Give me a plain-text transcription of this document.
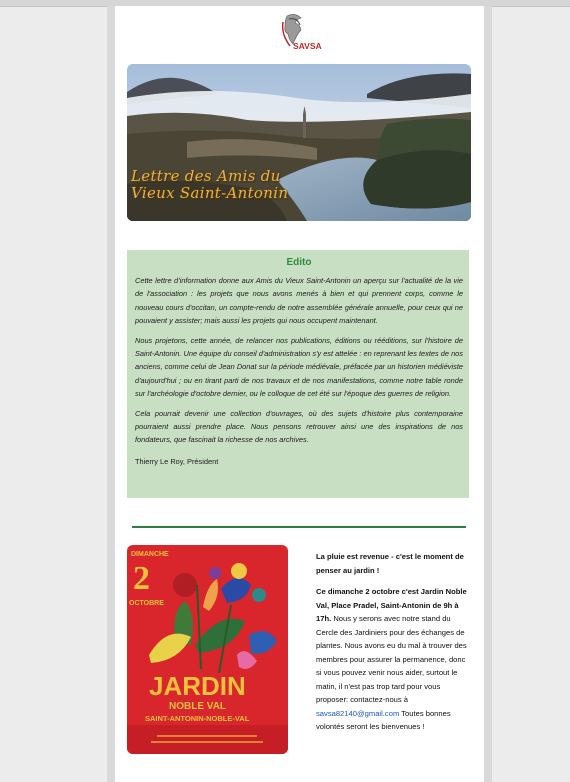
SAVSA
Lettre des Amis du
Vieux Saint-Antonin
Edito

Cette lettre d'information donne aux Amis du Vieux Saint-Antonin un aperçu sur l'actualité de la vie de l'association : les projets que nous avons menés à bien et qui prennent corps, comme le nouveau cours d'occitan, un compte-rendu de notre assemblée générale annuelle, pour ceux qui ne pouvaient y assister; mais aussi les projets qui nous occupent maintenant.

Nous projetons, cette année, de relancer nos publications, éditions ou rééditions, sur l'histoire de Saint-Antonin. Une équipe du conseil d'administration s'y est attelée : en reprenant les textes de nos anciens, comme celui de Jean Donat sur la période médiévale, préfacée par un historien médiéviste d'aujourd'hui ; ou en tirant parti de nos travaux et de nos manifestations, comme notre table ronde sur l'archéologie d'octobre dernier, ou le colloque de cet été sur l'époque des guerres de religion.

Cela pourrait devenir une collection d'ouvrages, où des sujets d'histoire plus contemporaine pourraient aussi prendre place. Nous pensons retrouver ainsi une des inspirations de nos fondateurs, que fascinait la richesse de nos archives.

Thierry Le Roy, Président

DIMANCHE
2
OCTOBRE
JARDIN
NOBLE VAL
SAINT-ANTONIN-NOBLE-VAL

La pluie est revenue - c'est le moment de penser au jardin !

Ce dimanche 2 octobre c'est Jardin Noble Val, Place Pradel, Saint-Antonin de 9h à 17h. Nous y serons avec notre stand du Cercle des Jardiniers pour des échanges de plantes. Nous avons eu du mal à trouver des membres pour assurer la permanence, donc si vous pouvez venir nous aider, surtout le matin, il n'est pas trop tard pour vous proposer: contactez-nous à savsa82140@gmail.com Toutes bonnes volontés seront les bienvenues !
